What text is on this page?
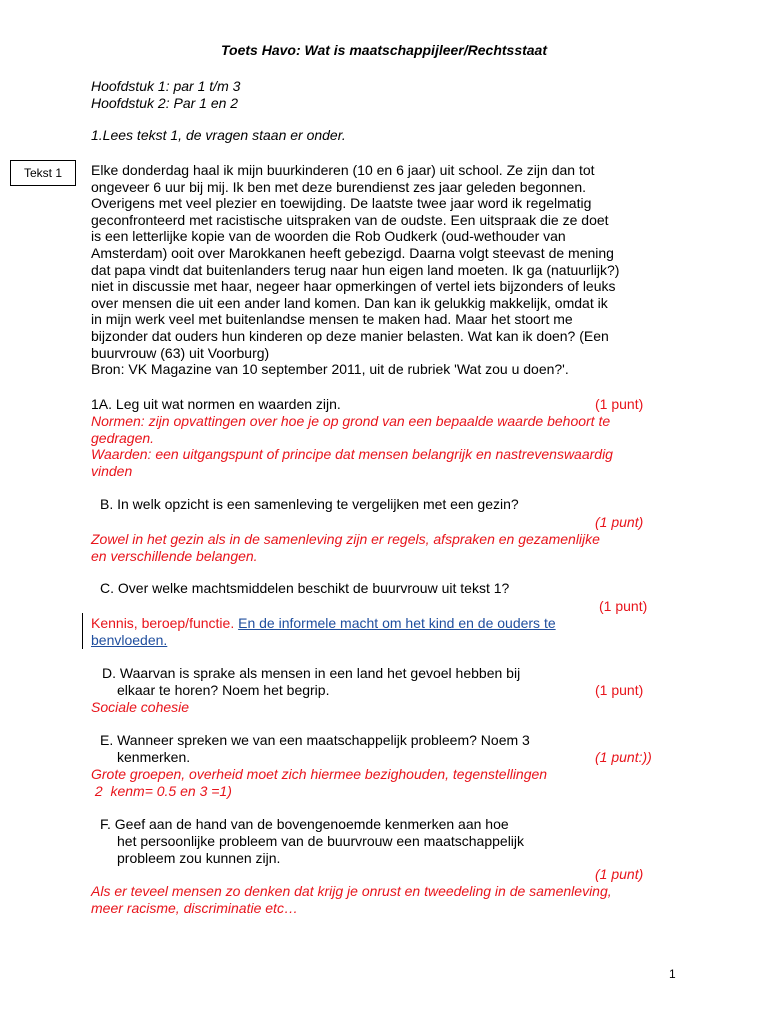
Toets Havo: Wat is maatschappijleer/Rechtsstaat
Hoofdstuk 1: par 1 t/m 3
Hoofdstuk 2: Par 1 en 2
1.Lees tekst 1, de vragen staan er onder.
Tekst 1	Elke donderdag haal ik mijn buurkinderen (10 en 6 jaar) uit school. Ze zijn dan tot
ongeveer 6 uur bij mij. Ik ben met deze burendienst zes jaar geleden begonnen.
Overigens met veel plezier en toewijding. De laatste twee jaar word ik regelmatig
geconfronteerd met racistische uitspraken van de oudste. Een uitspraak die ze doet
is een letterlijke kopie van de woorden die Rob Oudkerk (oud-wethouder van
Amsterdam) ooit over Marokkanen heeft gebezigd. Daarna volgt steevast de mening
dat papa vindt dat buitenlanders terug naar hun eigen land moeten. Ik ga (natuurlijk?)
niet in discussie met haar, negeer haar opmerkingen of vertel iets bijzonders of leuks
over mensen die uit een ander land komen. Dan kan ik gelukkig makkelijk, omdat ik
in mijn werk veel met buitenlandse mensen te maken had. Maar het stoort me
bijzonder dat ouders hun kinderen op deze manier belasten. Wat kan ik doen? (Een
buurvrouw (63) uit Voorburg)
Bron: VK Magazine van 10 september 2011, uit de rubriek 'Wat zou u doen?'.
1A. Leg uit wat normen en waarden zijn.	(1 punt)
Normen: zijn opvattingen over hoe je op grond van een bepaalde waarde behoort te
gedragen.
Waarden: een uitgangspunt of principe dat mensen belangrijk en nastrevenswaardig
vinden
B. In welk opzicht is een samenleving te vergelijken met een gezin?
(1 punt)
Zowel in het gezin als in de samenleving zijn er regels, afspraken en gezamenlijke
en verschillende belangen.
C. Over welke machtsmiddelen beschikt de buurvrouw uit tekst 1?
(1 punt)
Kennis, beroep/functie. En de informele macht om het kind en de ouders te
benvloeden.
D. Waarvan is sprake als mensen in een land het gevoel hebben bij
elkaar te horen? Noem het begrip.	(1 punt)
Sociale cohesie
E. Wanneer spreken we van een maatschappelijk probleem? Noem 3
kenmerken.	(1 punt:))
Grote groepen, overheid moet zich hiermee bezighouden, tegenstellingen
2  kenm= 0.5 en 3 =1)
F. Geef aan de hand van de bovengenoemde kenmerken aan hoe
het persoonlijke probleem van de buurvrouw een maatschappelijk
probleem zou kunnen zijn.
(1 punt)
Als er teveel mensen zo denken dat krijg je onrust en tweedeling in de samenleving,
meer racisme, discriminatie etc…
1
